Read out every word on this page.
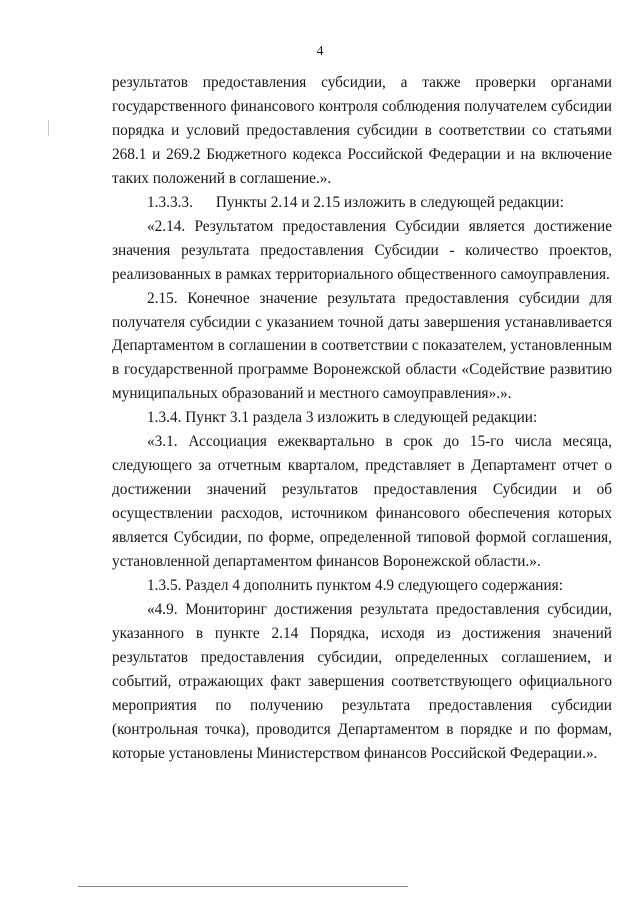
4

результатов предоставления субсидии, а также проверки органами государственного финансового контроля соблюдения получателем субсидии порядка и условий предоставления субсидии в соответствии со статьями 268.1 и 269.2 Бюджетного кодекса Российской Федерации и на включение таких положений в соглашение.».

1.3.3.3.      Пункты 2.14 и 2.15 изложить в следующей редакции:

«2.14. Результатом предоставления Субсидии является достижение значения результата предоставления Субсидии - количество проектов, реализованных в рамках территориального общественного самоуправления.

2.15. Конечное значение результата предоставления субсидии для получателя субсидии с указанием точной даты завершения устанавливается Департаментом в соглашении в соответствии с показателем, установленным в государственной программе Воронежской области «Содействие развитию муниципальных образований и местного самоуправления».».

1.3.4. Пункт 3.1 раздела 3 изложить в следующей редакции:

«3.1. Ассоциация ежеквартально в срок до 15-го числа месяца, следующего за отчетным кварталом, представляет в Департамент отчет о достижении значений результатов предоставления Субсидии и об осуществлении расходов, источником финансового обеспечения которых является Субсидии, по форме, определенной типовой формой соглашения, установленной департаментом финансов Воронежской области.».

1.3.5. Раздел 4 дополнить пунктом 4.9 следующего содержания:

«4.9. Мониторинг достижения результата предоставления субсидии, указанного в пункте 2.14 Порядка, исходя из достижения значений результатов предоставления субсидии, определенных соглашением, и событий, отражающих факт завершения соответствующего официального мероприятия по получению результата предоставления субсидии (контрольная точка), проводится Департаментом в порядке и по формам, которые установлены Министерством финансов Российской Федерации.».
